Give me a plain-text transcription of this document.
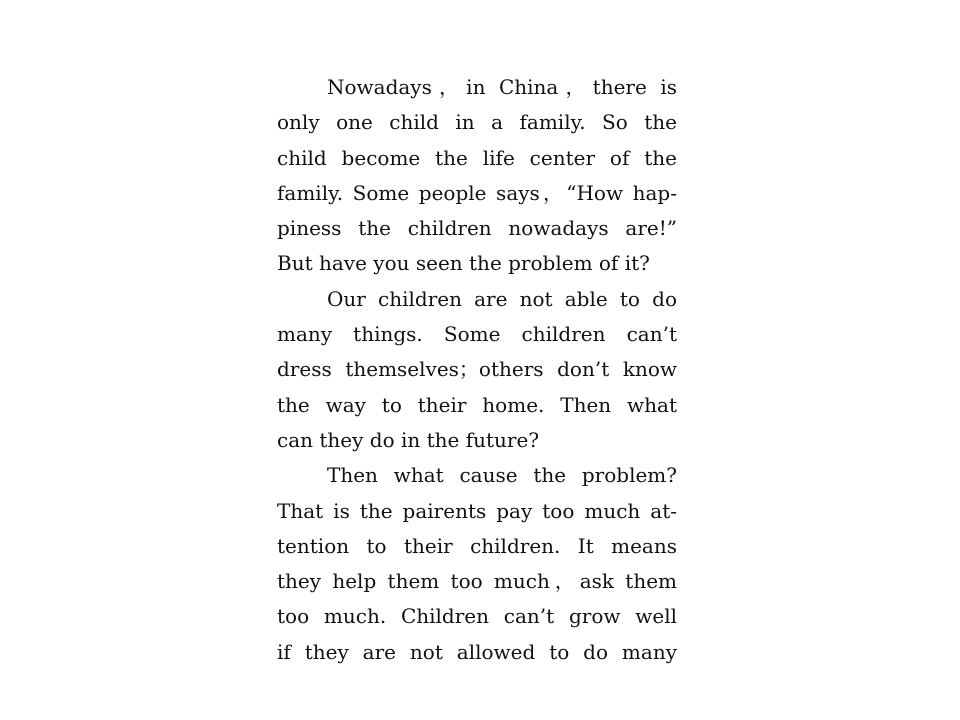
Nowadays，in China，there is
only one child in a family. So the
child become the life center of the
family. Some people says，“How hap-
piness the children nowadays are!”
But have you seen the problem of it?
Our children are not able to do
many things. Some children can’t
dress themselves；others don’t know
the way to their home. Then what
can they do in the future?
Then what cause the problem?
That is the pairents pay too much at-
tention to their children. It means
they help them too much，ask them
too much. Children can’t grow well
if they are not allowed to do many
